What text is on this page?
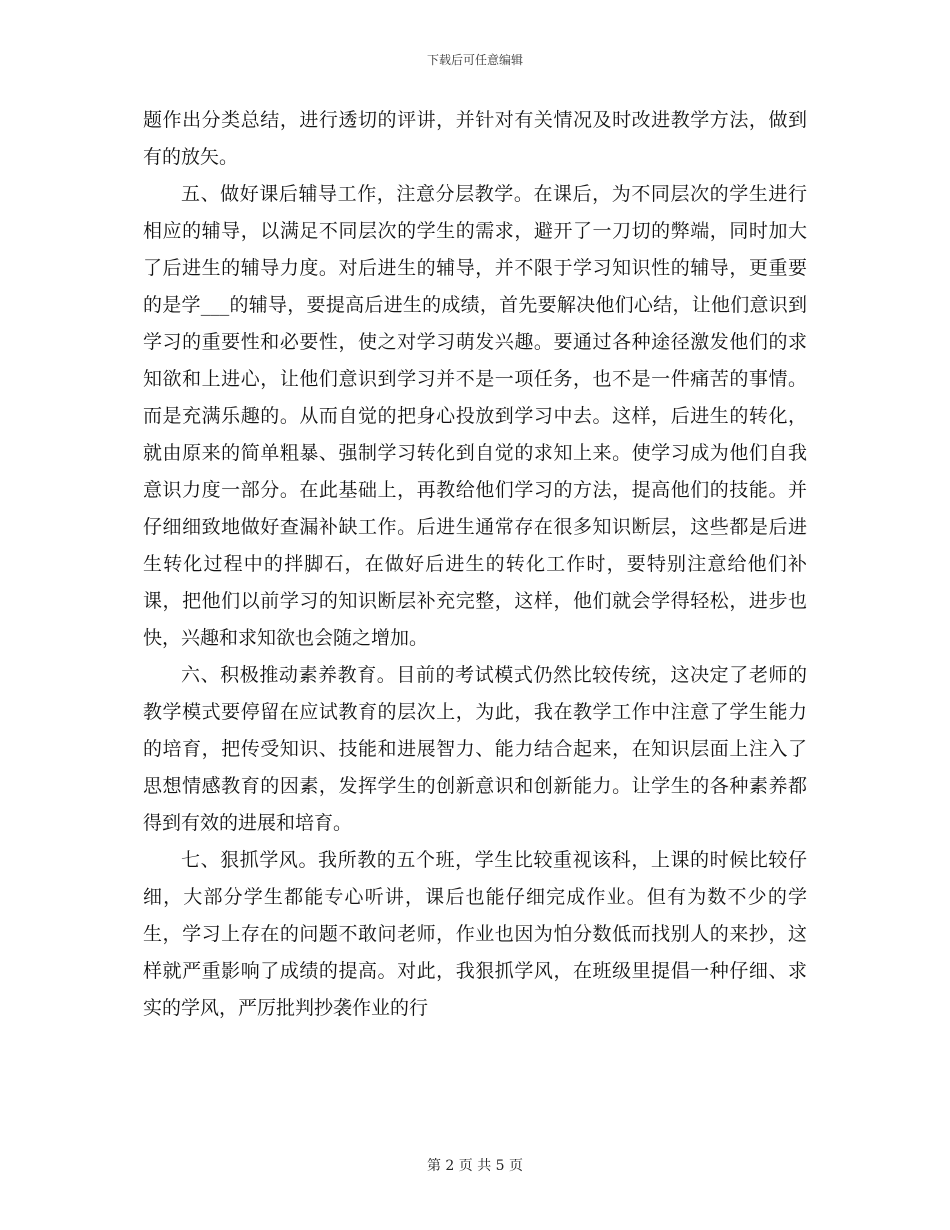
下载后可任意编辑

题作出分类总结，进行透切的评讲，并针对有关情况及时改进教学方法，做到有的放矢。

五、做好课后辅导工作，注意分层教学。在课后，为不同层次的学生进行相应的辅导，以满足不同层次的学生的需求，避开了一刀切的弊端，同时加大了后进生的辅导力度。对后进生的辅导，并不限于学习知识性的辅导，更重要的是学___的辅导，要提高后进生的成绩，首先要解决他们心结，让他们意识到学习的重要性和必要性，使之对学习萌发兴趣。要通过各种途径激发他们的求知欲和上进心，让他们意识到学习并不是一项任务，也不是一件痛苦的事情。而是充满乐趣的。从而自觉的把身心投放到学习中去。这样，后进生的转化，就由原来的简单粗暴、强制学习转化到自觉的求知上来。使学习成为他们自我意识力度一部分。在此基础上，再教给他们学习的方法，提高他们的技能。并仔细细致地做好查漏补缺工作。后进生通常存在很多知识断层，这些都是后进生转化过程中的拌脚石，在做好后进生的转化工作时，要特别注意给他们补课，把他们以前学习的知识断层补充完整，这样，他们就会学得轻松，进步也快，兴趣和求知欲也会随之增加。

六、积极推动素养教育。目前的考试模式仍然比较传统，这决定了老师的教学模式要停留在应试教育的层次上，为此，我在教学工作中注意了学生能力的培育，把传受知识、技能和进展智力、能力结合起来，在知识层面上注入了思想情感教育的因素，发挥学生的创新意识和创新能力。让学生的各种素养都得到有效的进展和培育。

七、狠抓学风。我所教的五个班，学生比较重视该科，上课的时候比较仔细，大部分学生都能专心听讲，课后也能仔细完成作业。但有为数不少的学生，学习上存在的问题不敢问老师，作业也因为怕分数低而找别人的来抄，这样就严重影响了成绩的提高。对此，我狠抓学风，在班级里提倡一种仔细、求实的学风，严厉批判抄袭作业的行

第 2 页 共 5 页
